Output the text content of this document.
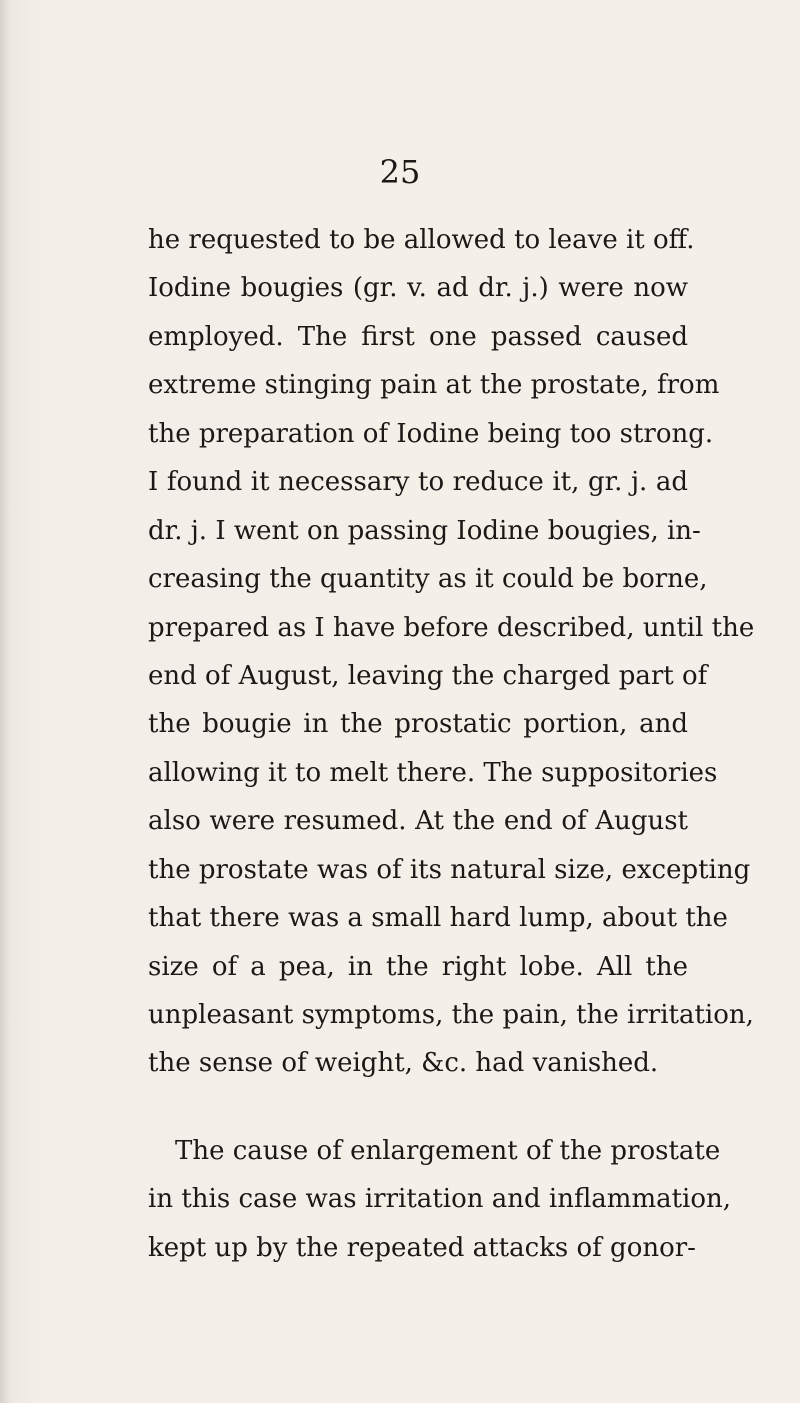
25
he requested to be allowed to leave it off.
Iodine bougies (gr. v. ad dr. j.) were now
employed. The first one passed caused
extreme stinging pain at the prostate, from
the preparation of Iodine being too strong.
I found it necessary to reduce it, gr. j. ad
dr. j. I went on passing Iodine bougies, in-
creasing the quantity as it could be borne,
prepared as I have before described, until the
end of August, leaving the charged part of
the bougie in the prostatic portion, and
allowing it to melt there. The suppositories
also were resumed. At the end of August
the prostate was of its natural size, excepting
that there was a small hard lump, about the
size of a pea, in the right lobe. All the
unpleasant symptoms, the pain, the irritation,
the sense of weight, &c. had vanished.
The cause of enlargement of the prostate
in this case was irritation and inflammation,
kept up by the repeated attacks of gonor-
